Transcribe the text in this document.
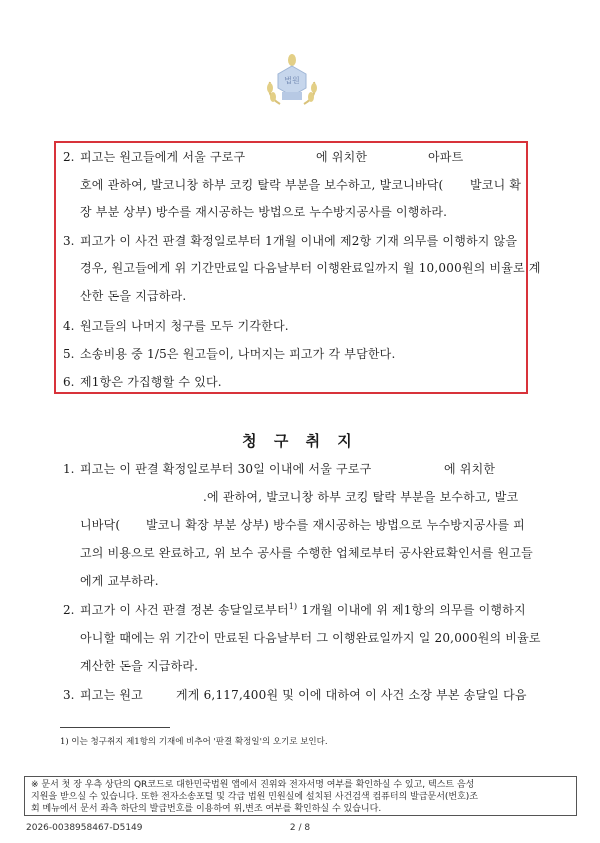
법원
2. 피고는 원고들에게 서울 구로구	에 위치한	아파트
호에 관하여, 발코니창 하부 코킹 탈락 부분을 보수하고, 발코니바닥( 발코니 확
장 부분 상부) 방수를 재시공하는 방법으로 누수방지공사를 이행하라.
3. 피고가 이 사건 판결 확정일로부터 1개월 이내에 제2항 기재 의무를 이행하지 않을
경우, 원고들에게 위 기간만료일 다음날부터 이행완료일까지 월 10,000원의 비율로 계
산한 돈을 지급하라.
4. 원고들의 나머지 청구를 모두 기각한다.
5. 소송비용 중 1/5은 원고들이, 나머지는 피고가 각 부담한다.
6. 제1항은 가집행할 수 있다.
청 구 취 지
1. 피고는 이 판결 확정일로부터 30일 이내에 서울 구로구	에 위치한
.에 관하여, 발코니창 하부 코킹 탈락 부분을 보수하고, 발코
니바닥( 발코니 확장 부분 상부) 방수를 재시공하는 방법으로 누수방지공사를 피
고의 비용으로 완료하고, 위 보수 공사를 수행한 업체로부터 공사완료확인서를 원고들
에게 교부하라.
2. 피고가 이 사건 판결 정본 송달일로부터$^{1)}$ 1개월 이내에 위 제1항의 의무를 이행하지
아니할 때에는 위 기간이 만료된 다음날부터 그 이행완료일까지 일 20,000원의 비율로
계산한 돈을 지급하라.
3. 피고는 원고	게게 6,117,400원 및 이에 대하여 이 사건 소장 부본 송달일 다음
1) 이는 청구취지 제1항의 기재에 비추어 '판결 확정일'의 오기로 보인다.
※ 문서 첫 장 우측 상단의 QR코드로 대한민국법원 앱에서 진위와 전자서명 여부를 확인하실 수 있고, 텍스트 음성
지원을 받으실 수 있습니다. 또한 전자소송포털 및 각급 법원 민원실에 설치된 사건검색 컴퓨터의 발급문서(번호)조
회 메뉴에서 문서 좌측 하단의 발급번호를 이용하여 위,변조 여부를 확인하실 수 있습니다.
2026-0038958467-D5149	2 / 8
